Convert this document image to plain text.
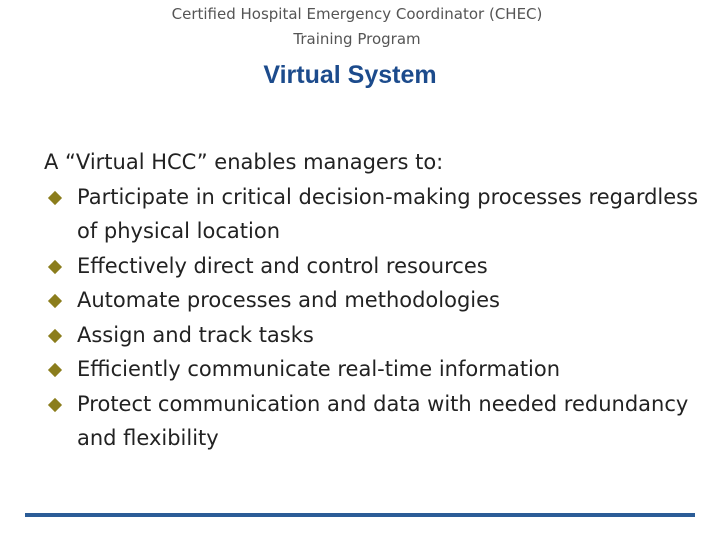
Certified Hospital Emergency Coordinator (CHEC)
Training Program
Virtual System
A “Virtual HCC” enables managers to:
Participate in critical decision-making processes regardless of physical location
Effectively direct and control resources
Automate processes and methodologies
Assign and track tasks
Efficiently communicate real-time information
Protect communication and data with needed redundancy and flexibility
